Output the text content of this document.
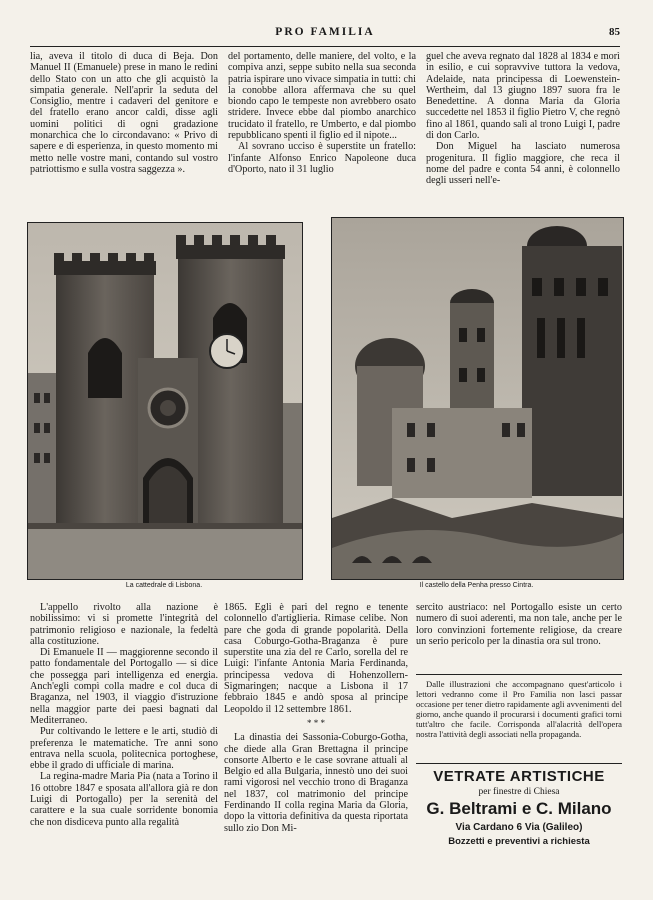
PRO FAMILIA	85

lia, aveva il titolo di duca di Beja. Don Manuel II (Emanuele) prese in mano le redini dello Stato con un atto che gli acquistò la simpatia generale. Nell'aprir la seduta del Consiglio, mentre i cadaveri del genitore e del fratello erano ancor caldi, disse agli uomini politici di ogni gradazione monarchica che lo circondavano: « Privo di sapere e di esperienza, in questo momento mi metto nelle vostre mani, contando sul vostro patriottismo e sulla vostra saggezza ».

del portamento, delle maniere, del volto, e la compiva anzi, seppe subito nella sua seconda patria ispirare uno vivace simpatia in tutti: chi la conobbe allora affermava che su quel biondo capo le tempeste non avrebbero osato stridere. Invece ebbe dal piombo anarchico trucidato il fratello, re Umberto, e dal piombo repubblicano spenti il figlio ed il nipote...

Al sovrano ucciso è superstite un fratello: l'infante Alfonso Enrico Napoleone duca d'Oporto, nato il 31 luglio

guel che aveva regnato dal 1828 al 1834 e morì in esilio, e cui sopravvive tuttora la vedova, Adelaide, nata principessa di Loewenstein-Wertheim, dal 13 giugno 1897 suora fra le Benedettine. A donna Maria da Gloria succedette nel 1853 il figlio Pietro V, che regnò fino al 1861, quando salì al trono Luigi I, padre di don Carlo.

Don Miguel ha lasciato numerosa progenitura. Il figlio maggiore, che reca il nome del padre e conta 54 anni, è colonnello degli usseri nell'e-

La cattedrale di Lisbona.	Il castello della Penha presso Cintra.

L'appello rivolto alla nazione è nobilissimo: vi si promette l'integrità del patrimonio religioso e nazionale, la fedeltà alla costituzione.

Di Emanuele II — maggiorenne secondo il patto fondamentale del Portogallo — si dice che possegga pari intelligenza ed energia. Anch'egli compì colla madre e col duca di Braganza, nel 1903, il viaggio d'istruzione nella maggior parte dei paesi bagnati dal Mediterraneo.

Pur coltivando le lettere e le arti, studiò di preferenza le matematiche. Tre anni sono entrava nella scuola, politecnica portoghese, ebbe il grado di ufficiale di marina.

La regina-madre Maria Pia (nata a Torino il 16 ottobre 1847 e sposata all'allora già re don Luigi di Portogallo) per la serenità del carattere e la sua cuale sorridente bonomia che non disdiceva punto alla regalità

1865. Egli è pari del regno e tenente colonnello d'artiglieria. Rimase celibe. Non pare che goda di grande popolarità. Della casa Coburgo-Gotha-Braganza è pure superstite una zia del re Carlo, sorella del re Luigi: l'infante Antonia Maria Ferdinanda, principessa vedova di Hohenzollern-Sigmaringen; nacque a Lisbona il 17 febbraio 1845 e andò sposa al principe Leopoldo il 12 settembre 1861.

* * *

La dinastia dei Sassonia-Coburgo-Gotha, che diede alla Gran Brettagna il principe consorte Alberto e le case sovrane attuali al Belgio ed alla Bulgaria, innestò uno dei suoi rami vigorosi nel vecchio trono di Braganza nel 1837, col matrimonio del principe Ferdinando II colla regina Maria da Gloria, dopo la vittoria definitiva da questa riportata sullo zio Don Mi-

sercito austriaco: nel Portogallo esiste un certo numero di suoi aderenti, ma non tale, anche per le loro convinzioni fortemente religiose, da creare un serio pericolo per la dinastia ora sul trono.

Dalle illustrazioni che accompagnano quest'articolo i lettori vedranno come il Pro Familia non lasci passar occasione per tener dietro rapidamente agli avvenimenti del giorno, anche quando il procurarsi i documenti grafici torni tutt'altro che facile. Corrisponda all'alacrità dell'opera nostra l'attività degli associati nella propaganda.

VETRATE ARTISTICHE
per finestre di Chiesa
G. Beltrami e C. Milano
Via Cardano 6 Via (Galileo)
Bozzetti e preventivi a richiesta
